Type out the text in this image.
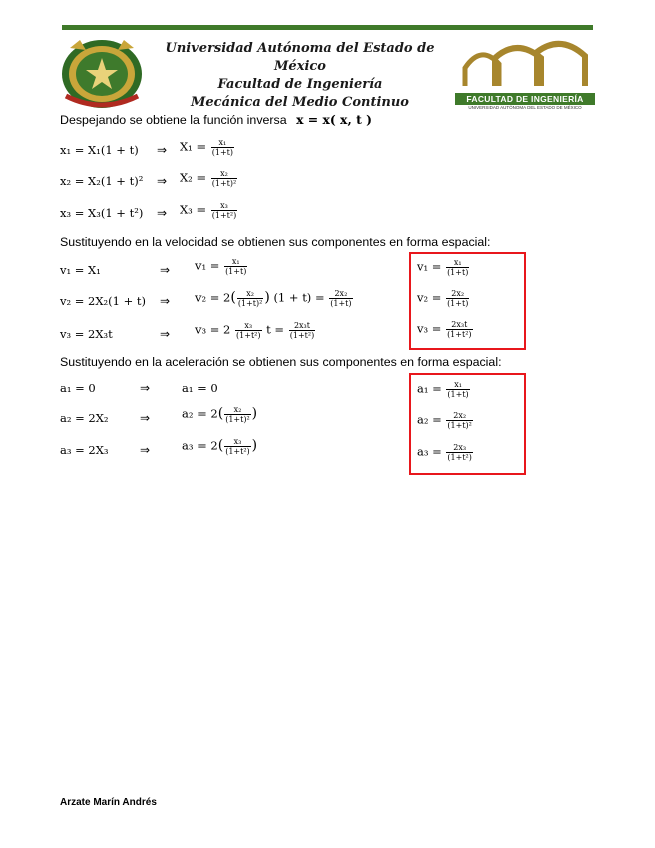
Universidad Autónoma del Estado de México
Facultad de Ingeniería
Mecánica del Medio Continuo	FACULTAD DE INGENIERÍA
UNIVERSIDAD AUTÓNOMA DEL ESTADO DE MÉXICO
Despejando se obtiene la función inversa x = x( x, t )
x₁ = X₁(1 + t) ⇒ $X_1 = \frac{\text{x₁}}{(1+t)}$
x₂ = X₂(1 + t)² ⇒ $X_2 = \frac{\text{x₂}}{\text{(1+t)²}}$
x₃ = X₃(1 + t²) ⇒ $X_3 = \frac{\text{x₃}}{\text{(1+t²)}}$
Sustituyendo en la velocidad se obtienen sus componentes en forma espacial:
v₁ = X₁	⇒ $v_1 = \frac{\text{x₁}}{(1+t)}$
v₂ = 2X₂(1 + t) ⇒ $v_2 = 2( \frac{\text{x₂}}{\text{(1+t)²}}$ ) $(1 + t) = \frac{\text{2x₂}}{(1+t)}$
v₃ = 2X₃t	⇒ $v_3 = 2 \frac{\text{x₃}}{\text{(1+t²)}}$ $t = \frac{\text{2x₃t}}{\text{(1+t²)}}$
$v_1 = \frac{\text{x₁}}{(1+t)}$
$v_2 = \frac{\text{2x₂}}{(1+t)}$
$v_3 = \frac{\text{2x₃t}}{\text{(1+t²)}}$
Sustituyendo en la aceleración se obtienen sus componentes en forma espacial:
a₁ = 0	⇒	a₁ = 0
a₂ = 2X₂	⇒	$a_2 = 2( \frac{\text{x₂}}{\text{(1+t)²}}$ )
a₃ = 2X₃	⇒	$a_3 = 2( \frac{\text{x₃}}{\text{(1+t²)}}$ )
$a_1 = \frac{\text{x₁}}{(1+t)}$
$a_2 = \frac{\text{2x₂}}{\text{(1+t)²}}$
$a_3 = \frac{\text{2x₃}}{\text{(1+t²)}}$
Arzate Marín Andrés
